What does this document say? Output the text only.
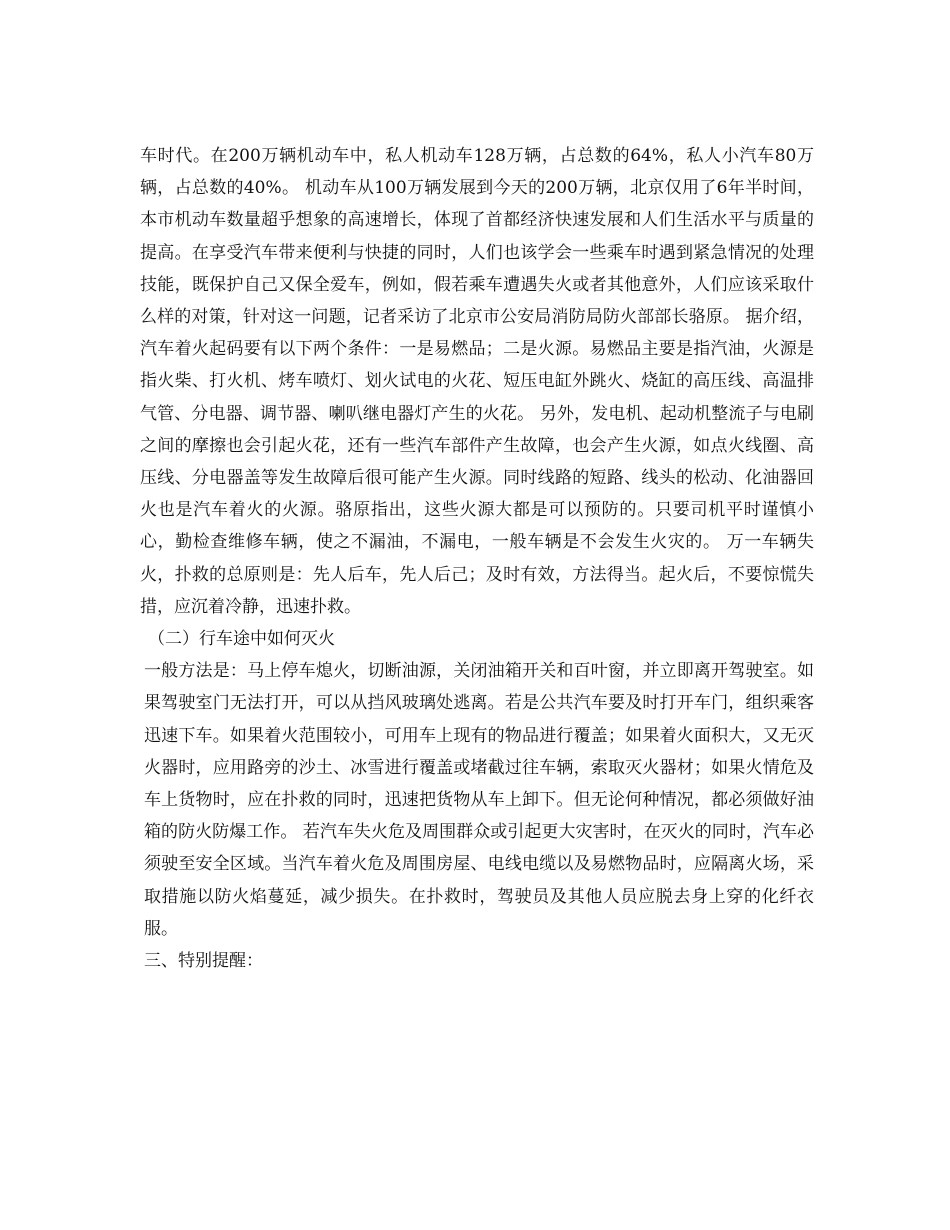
车时代。在200万辆机动车中，私人机动车128万辆，占总数的64%，私人小汽车80万辆，占总数的40%。 机动车从100万辆发展到今天的200万辆，北京仅用了6年半时间，本市机动车数量超乎想象的高速增长，体现了首都经济快速发展和人们生活水平与质量的提高。在享受汽车带来便利与快捷的同时，人们也该学会一些乘车时遇到紧急情况的处理技能，既保护自己又保全爱车，例如，假若乘车遭遇失火或者其他意外，人们应该采取什么样的对策，针对这一问题，记者采访了北京市公安局消防局防火部部长骆原。 据介绍，汽车着火起码要有以下两个条件：一是易燃品；二是火源。易燃品主要是指汽油，火源是指火柴、打火机、烤车喷灯、划火试电的火花、短压电缸外跳火、烧缸的高压线、高温排气管、分电器、调节器、喇叭继电器灯产生的火花。 另外，发电机、起动机整流子与电刷之间的摩擦也会引起火花，还有一些汽车部件产生故障，也会产生火源，如点火线圈、高压线、分电器盖等发生故障后很可能产生火源。同时线路的短路、线头的松动、化油器回火也是汽车着火的火源。骆原指出，这些火源大都是可以预防的。只要司机平时谨慎小心，勤检查维修车辆，使之不漏油，不漏电，一般车辆是不会发生火灾的。 万一车辆失火，扑救的总原则是：先人后车，先人后己；及时有效，方法得当。起火后，不要惊慌失措，应沉着冷静，迅速扑救。

（二）行车途中如何灭火

一般方法是：马上停车熄火，切断油源，关闭油箱开关和百叶窗，并立即离开驾驶室。如果驾驶室门无法打开，可以从挡风玻璃处逃离。若是公共汽车要及时打开车门，组织乘客迅速下车。如果着火范围较小，可用车上现有的物品进行覆盖；如果着火面积大，又无灭火器时，应用路旁的沙土、冰雪进行覆盖或堵截过往车辆，索取灭火器材；如果火情危及车上货物时，应在扑救的同时，迅速把货物从车上卸下。但无论何种情况，都必须做好油箱的防火防爆工作。 若汽车失火危及周围群众或引起更大灾害时，在灭火的同时，汽车必须驶至安全区域。当汽车着火危及周围房屋、电线电缆以及易燃物品时，应隔离火场，采取措施以防火焰蔓延，减少损失。在扑救时，驾驶员及其他人员应脱去身上穿的化纤衣服。

三、特别提醒：
